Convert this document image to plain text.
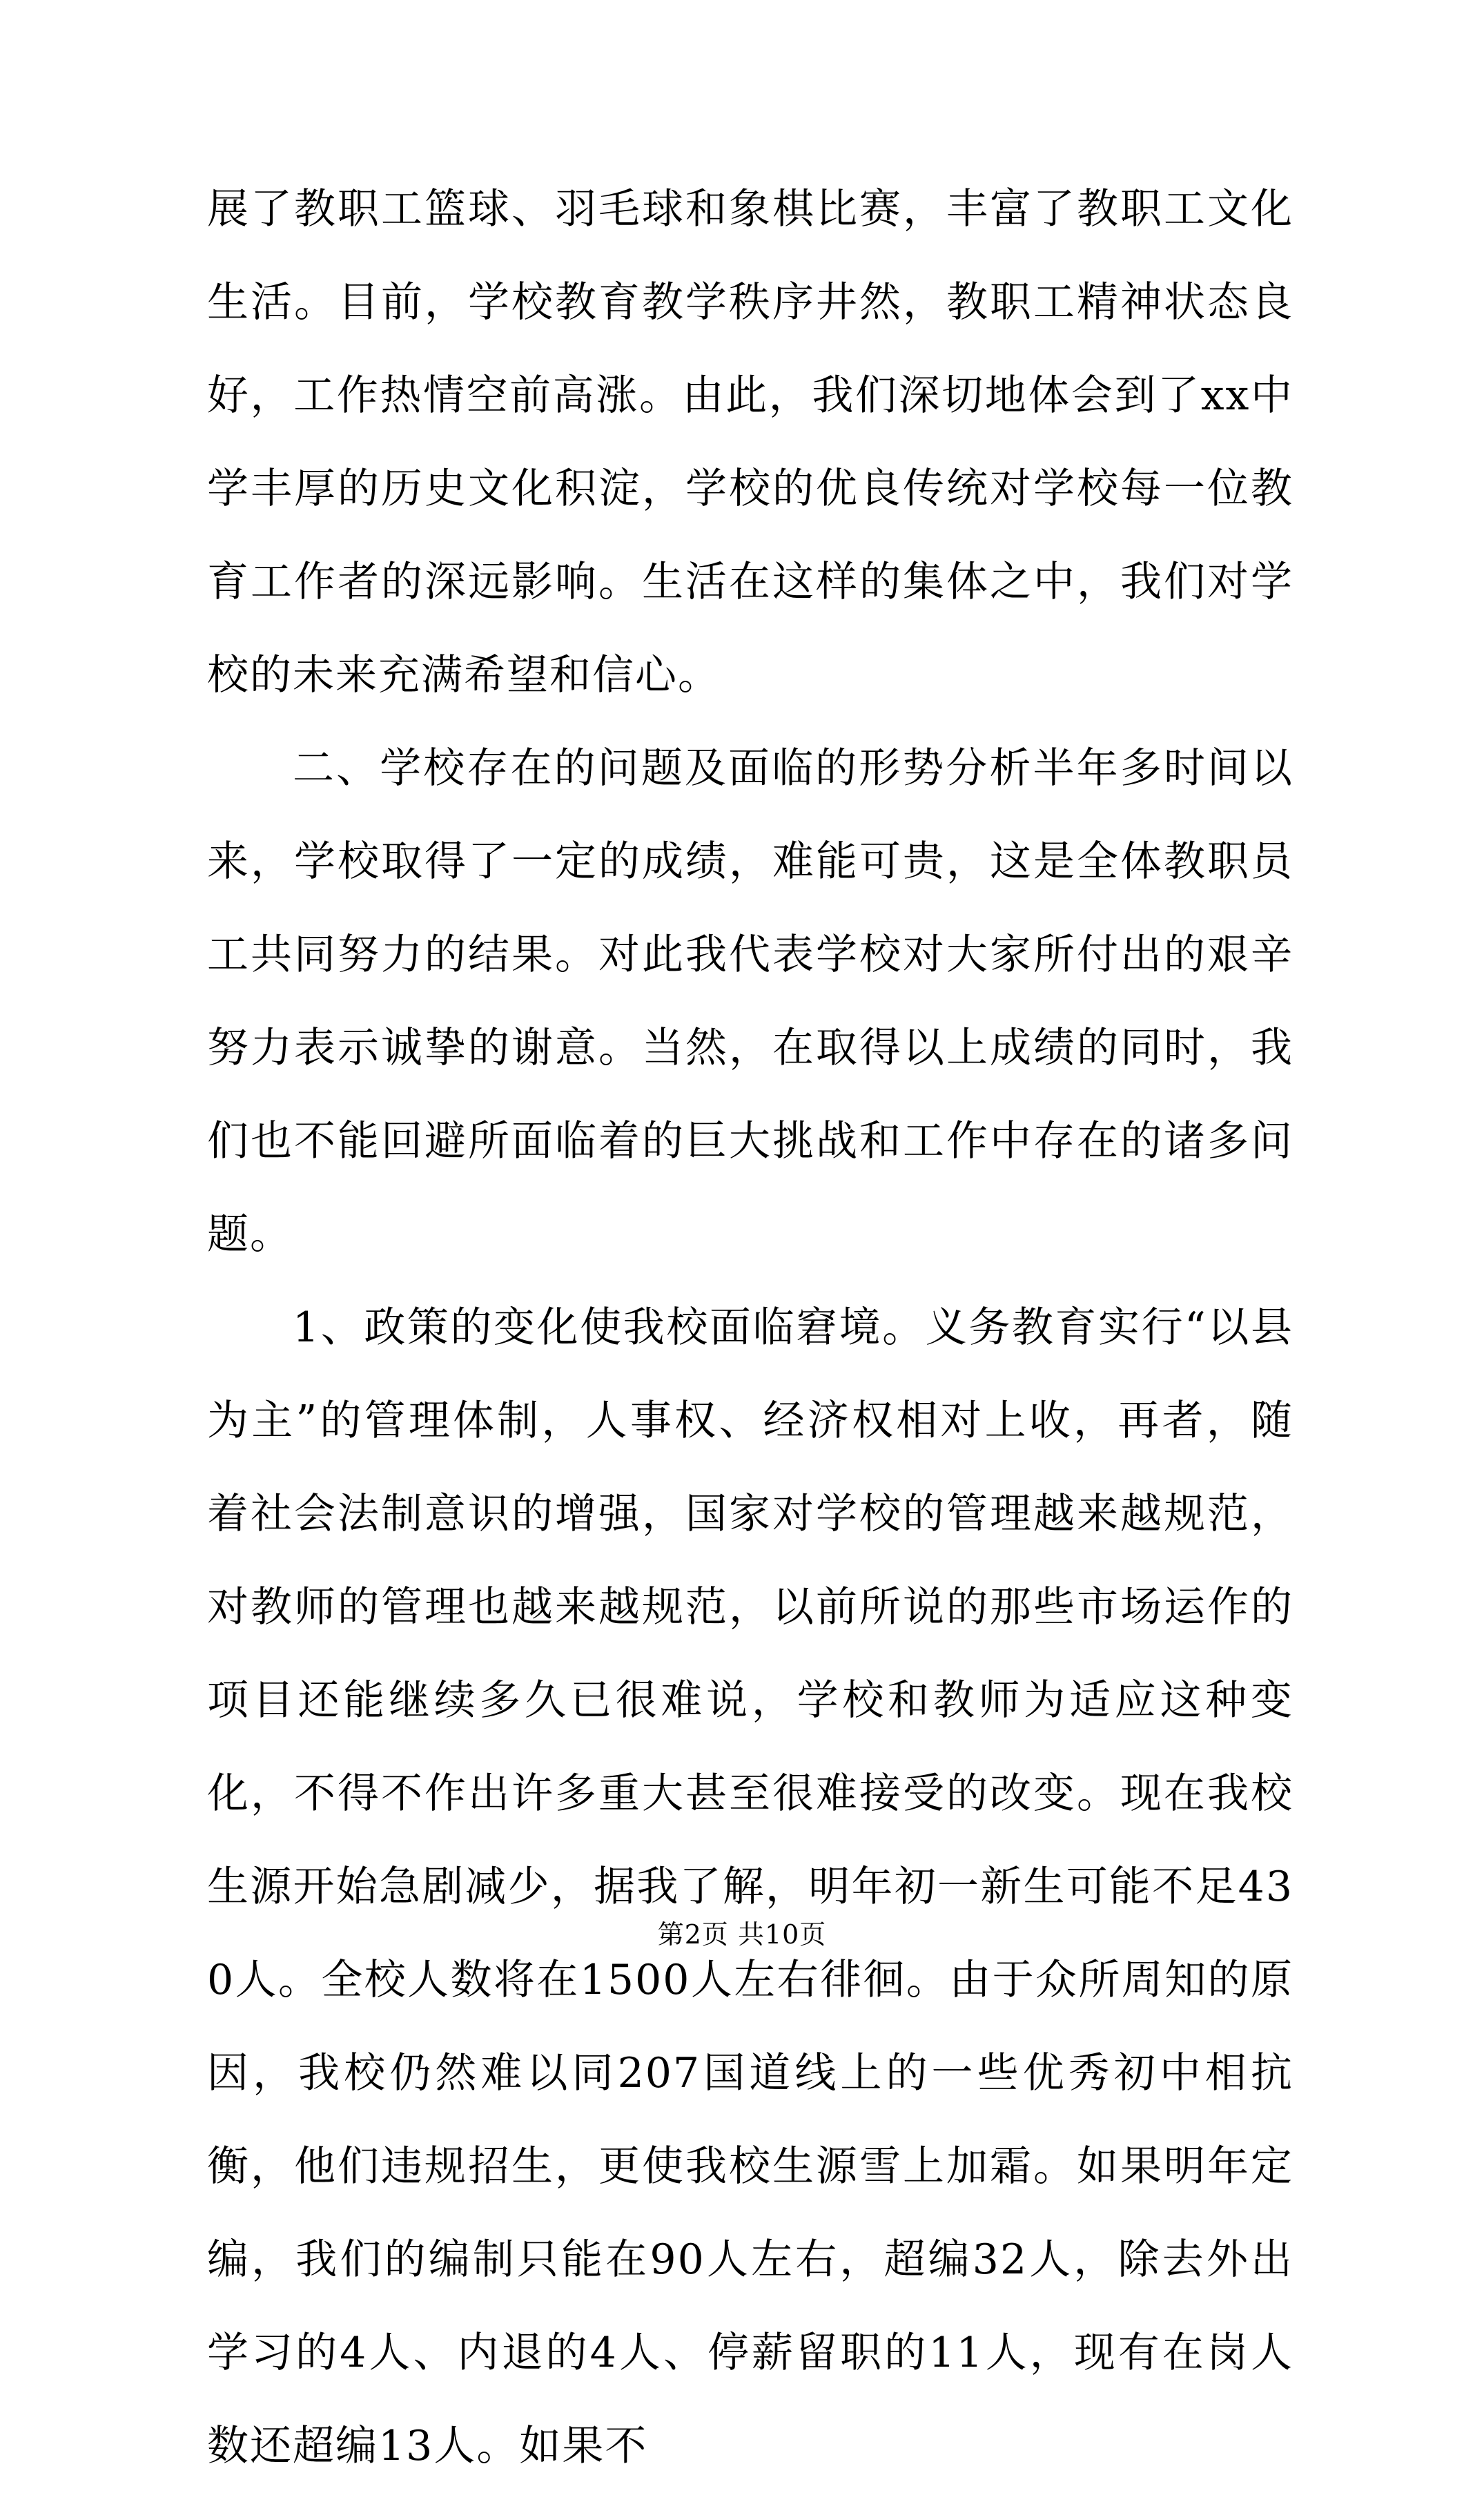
展了教职工篮球、羽毛球和象棋比赛，丰富了教职工文化生活。目前，学校教育教学秩序井然，教职工精神状态良好，工作热情空前高涨。由此，我们深切地体会到了xx中学丰厚的历史文化积淀，学校的优良传统对学校每一位教育工作者的深远影响。生活在这样的集体之中，我们对学校的未来充满希望和信心。

二、学校存在的问题及面临的形势分析半年多时间以来，学校取得了一定的成绩，难能可贵，这是全体教职员工共同努力的结果。对此我代表学校对大家所付出的艰辛努力表示诚挚的谢意。当然，在取得以上成绩的同时，我们也不能回避所面临着的巨大挑战和工作中存在的诸多问题。

1、政策的变化使我校面临窘境。义务教育实行“以县为主”的管理体制，人事权、经济权相对上收，再者，随着社会法制意识的增强，国家对学校的管理越来越规范，对教师的管理也越来越规范，以前所说的那些市场运作的项目还能继续多久已很难说，学校和教师为适应这种变化，不得不作出许多重大甚至很难接受的改变。现在我校生源开始急剧减少，据我了解，明年初一新生可能不足430人。全校人数将在1500人左右徘徊。由于众所周知的原因，我校仍然难以同207国道线上的一些优秀初中相抗衡，他们违规招生，更使我校生源雪上加霜。如果明年定编，我们的编制只能在90人左右，超编32人，除去外出学习的4人、内退的4人、停薪留职的11人，现有在岗人数还超编13人。如果不

第2页 共10页
